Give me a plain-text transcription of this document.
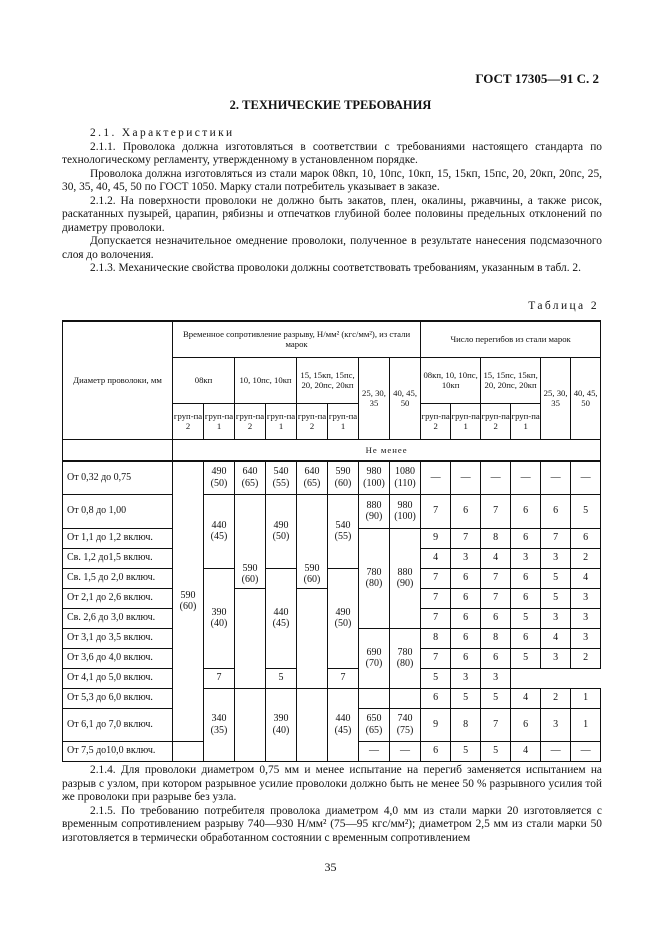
ГОСТ 17305—91 С. 2
2. ТЕХНИЧЕСКИЕ ТРЕБОВАНИЯ

2.1. Характеристики

2.1.1. Проволока должна изготовляться в соответствии с требованиями настоящего стандарта по технологическому регламенту, утвержденному в установленном порядке.

Проволока должна изготовляться из стали марок 08кп, 10, 10пс, 10кп, 15, 15кп, 15пс, 20, 20кп, 20пс, 25, 30, 35, 40, 45, 50 по ГОСТ 1050. Марку стали потребитель указывает в заказе.

2.1.2. На поверхности проволоки не должно быть закатов, плен, окалины, ржавчины, а также рисок, раскатанных пузырей, царапин, рябизны и отпечатков глубиной более половины предельных отклонений по диаметру проволоки.

Допускается незначительное омеднение проволоки, полученное в результате нанесения подсмазочного слоя до волочения.

2.1.3. Механические свойства проволоки должны соответствовать требованиям, указанным в табл. 2.

Таблица 2
Диаметр проволоки, мм	Временное сопротивление разрыву, Н/мм² (кгс/мм²), из стали марок								Число перегибов из стали марок					
	08кп		10, 10пс, 10кп		15, 15кп, 15пс, 20, 20пс, 20кп		25, 30, 35	40, 45, 50	08кп, 10, 10пс, 10кп		15, 15пс, 15кп, 20, 20пс, 20кп		25, 30, 35	40, 45, 50
	груп-па 2	груп-па 1	груп-па 2	груп-па 1	груп-па 2	груп-па 1			груп-па 2	груп-па 1	груп-па 2	груп-па 1		
	Не менее													
От 0,32 до 0,75	590 (60)	490 (50)	640 (65)	540 (55)	640 (65)	590 (60)	980 (100)	1080 (110)	—	—	—	—	—	—
От 0,8 до 1,00		440 (45)	590 (60)	490 (50)	590 (60)	540 (55)	880 (90)	980 (100)	7	6	7	6	6	5
От 1,1 до 1,2 включ.							780 (80)	880 (90)	9	7	8	6	7	6
Св. 1,2 до1,5 включ.									4	3	4	3	3	2
Св. 1,5 до 2,0 включ.		390 (40)		440 (45)		490 (50)			7	6	7	6	5	4
От 2,1 до 2,6 включ.									7	6	7	6	5	3
Св. 2,6 до 3,0 включ.									7	6	6	5	3	3
От 3,1 до 3,5 включ.							690 (70)	780 (80)	8	6	8	6	4	3
От 3,6 до 4,0 включ.									7	6	6	5	3	2
От 4,1 до 5,0 включ.		7		5		7			5	3	3			
От 5,3 до 6,0 включ.		340 (35)		390 (40)		440 (45)			6	5	5	4	2	1
От 6,1 до 7,0 включ.							650 (65)	740 (75)	9	8	7	6	3	1
От 7,5 до10,0 включ.							—	—	6	5	5	4	—	—

2.1.4. Для проволоки диаметром 0,75 мм и менее испытание на перегиб заменяется испытанием на разрыв с узлом, при котором разрывное усилие проволоки должно быть не менее 50 % разрывного усилия той же проволоки при разрыве без узла.

2.1.5. По требованию потребителя проволока диаметром 4,0 мм из стали марки 20 изготовляется с временным сопротивлением разрыву 740—930 Н/мм² (75—95 кгс/мм²); диаметром 2,5 мм из стали марки 50 изготовляется в термически обработанном состоянии с временным сопротивлением

35
